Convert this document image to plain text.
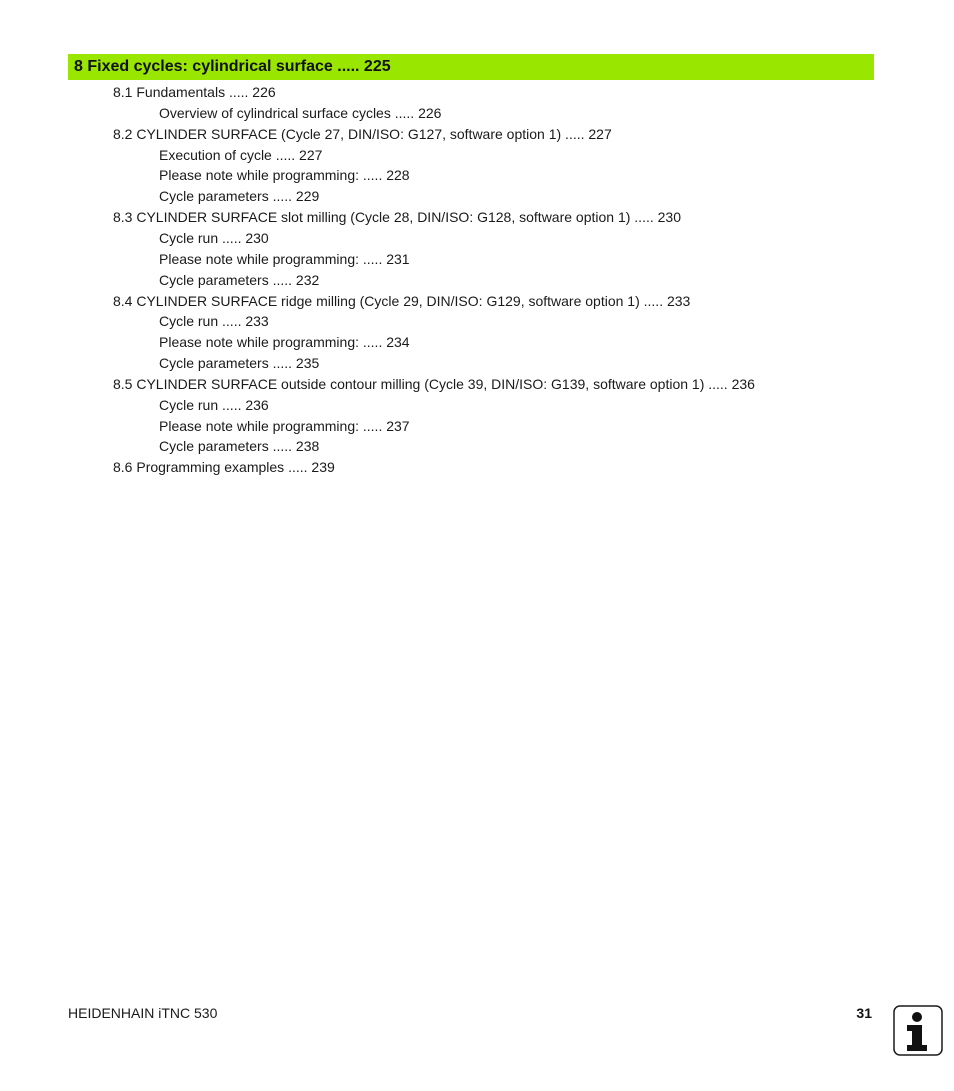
8 Fixed cycles: cylindrical surface ..... 225
8.1 Fundamentals ..... 226
Overview of cylindrical surface cycles ..... 226
8.2 CYLINDER SURFACE (Cycle 27, DIN/ISO: G127, software option 1) ..... 227
Execution of cycle ..... 227
Please note while programming: ..... 228
Cycle parameters ..... 229
8.3 CYLINDER SURFACE slot milling (Cycle 28, DIN/ISO: G128, software option 1) ..... 230
Cycle run ..... 230
Please note while programming: ..... 231
Cycle parameters ..... 232
8.4 CYLINDER SURFACE ridge milling (Cycle 29, DIN/ISO: G129, software option 1) ..... 233
Cycle run ..... 233
Please note while programming: ..... 234
Cycle parameters ..... 235
8.5 CYLINDER SURFACE outside contour milling (Cycle 39, DIN/ISO: G139, software option 1) ..... 236
Cycle run ..... 236
Please note while programming: ..... 237
Cycle parameters ..... 238
8.6 Programming examples ..... 239
HEIDENHAIN iTNC 530	31
